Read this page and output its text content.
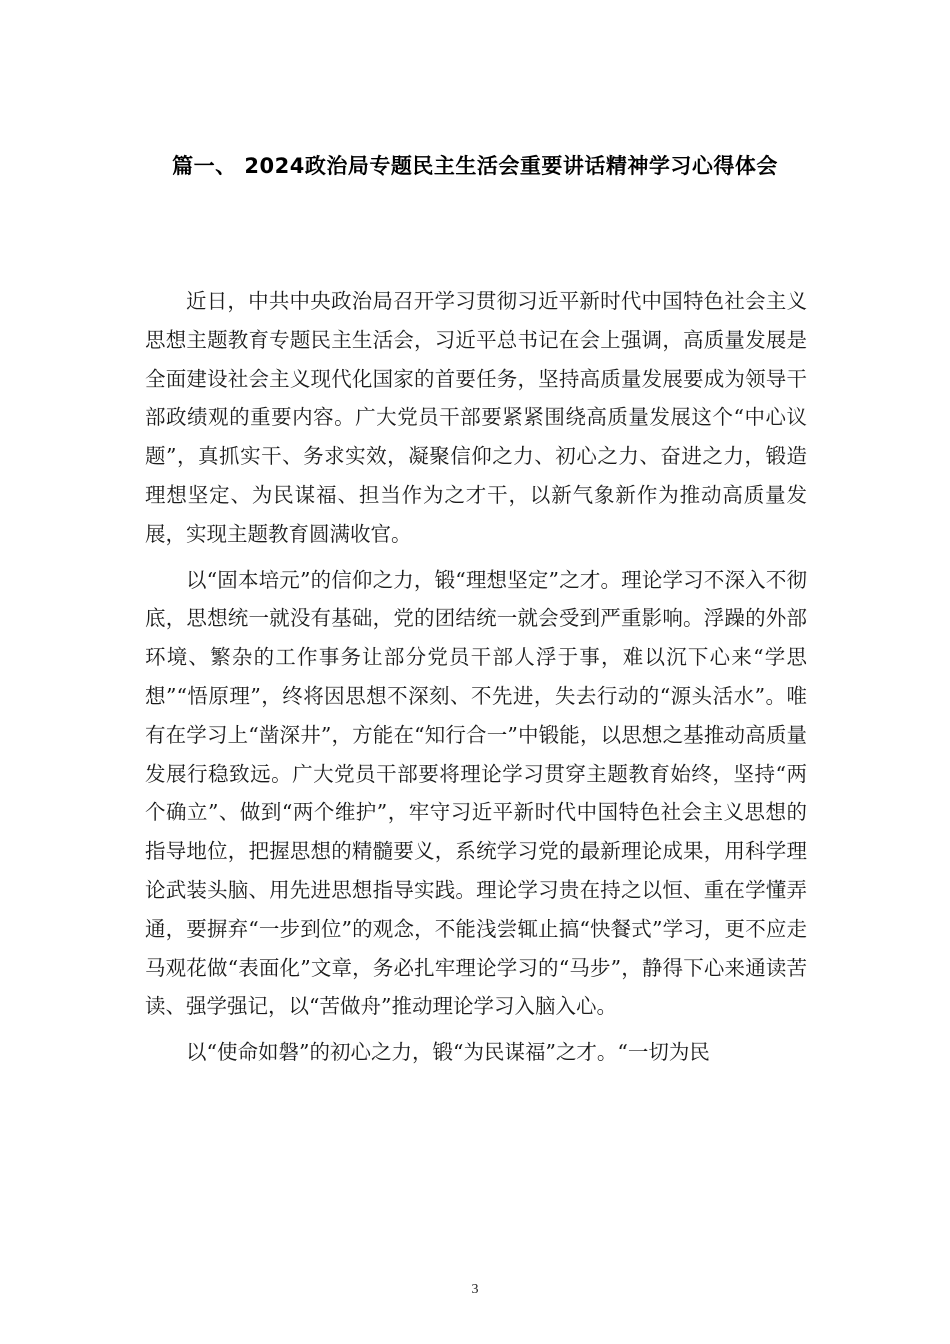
篇一、 2024政治局专题民主生活会重要讲话精神学习心得体会

近日，中共中央政治局召开学习贯彻习近平新时代中国特色社会主义思想主题教育专题民主生活会，习近平总书记在会上强调，高质量发展是全面建设社会主义现代化国家的首要任务，坚持高质量发展要成为领导干部政绩观的重要内容。广大党员干部要紧紧围绕高质量发展这个“中心议题”，真抓实干、务求实效，凝聚信仰之力、初心之力、奋进之力，锻造理想坚定、为民谋福、担当作为之才干，以新气象新作为推动高质量发展，实现主题教育圆满收官。

以“固本培元”的信仰之力，锻“理想坚定”之才。理论学习不深入不彻底，思想统一就没有基础，党的团结统一就会受到严重影响。浮躁的外部环境、繁杂的工作事务让部分党员干部人浮于事，难以沉下心来“学思想”“悟原理”，终将因思想不深刻、不先进，失去行动的“源头活水”。唯有在学习上“凿深井”，方能在“知行合一”中锻能，以思想之基推动高质量发展行稳致远。广大党员干部要将理论学习贯穿主题教育始终，坚持“两个确立”、做到“两个维护”，牢守习近平新时代中国特色社会主义思想的指导地位，把握思想的精髓要义，系统学习党的最新理论成果，用科学理论武装头脑、用先进思想指导实践。理论学习贵在持之以恒、重在学懂弄通，要摒弃“一步到位”的观念，不能浅尝辄止搞“快餐式”学习，更不应走马观花做“表面化”文章，务必扎牢理论学习的“马步”，静得下心来通读苦读、强学强记，以“苦做舟”推动理论学习入脑入心。

以“使命如磐”的初心之力，锻“为民谋福”之才。“一切为民

3
